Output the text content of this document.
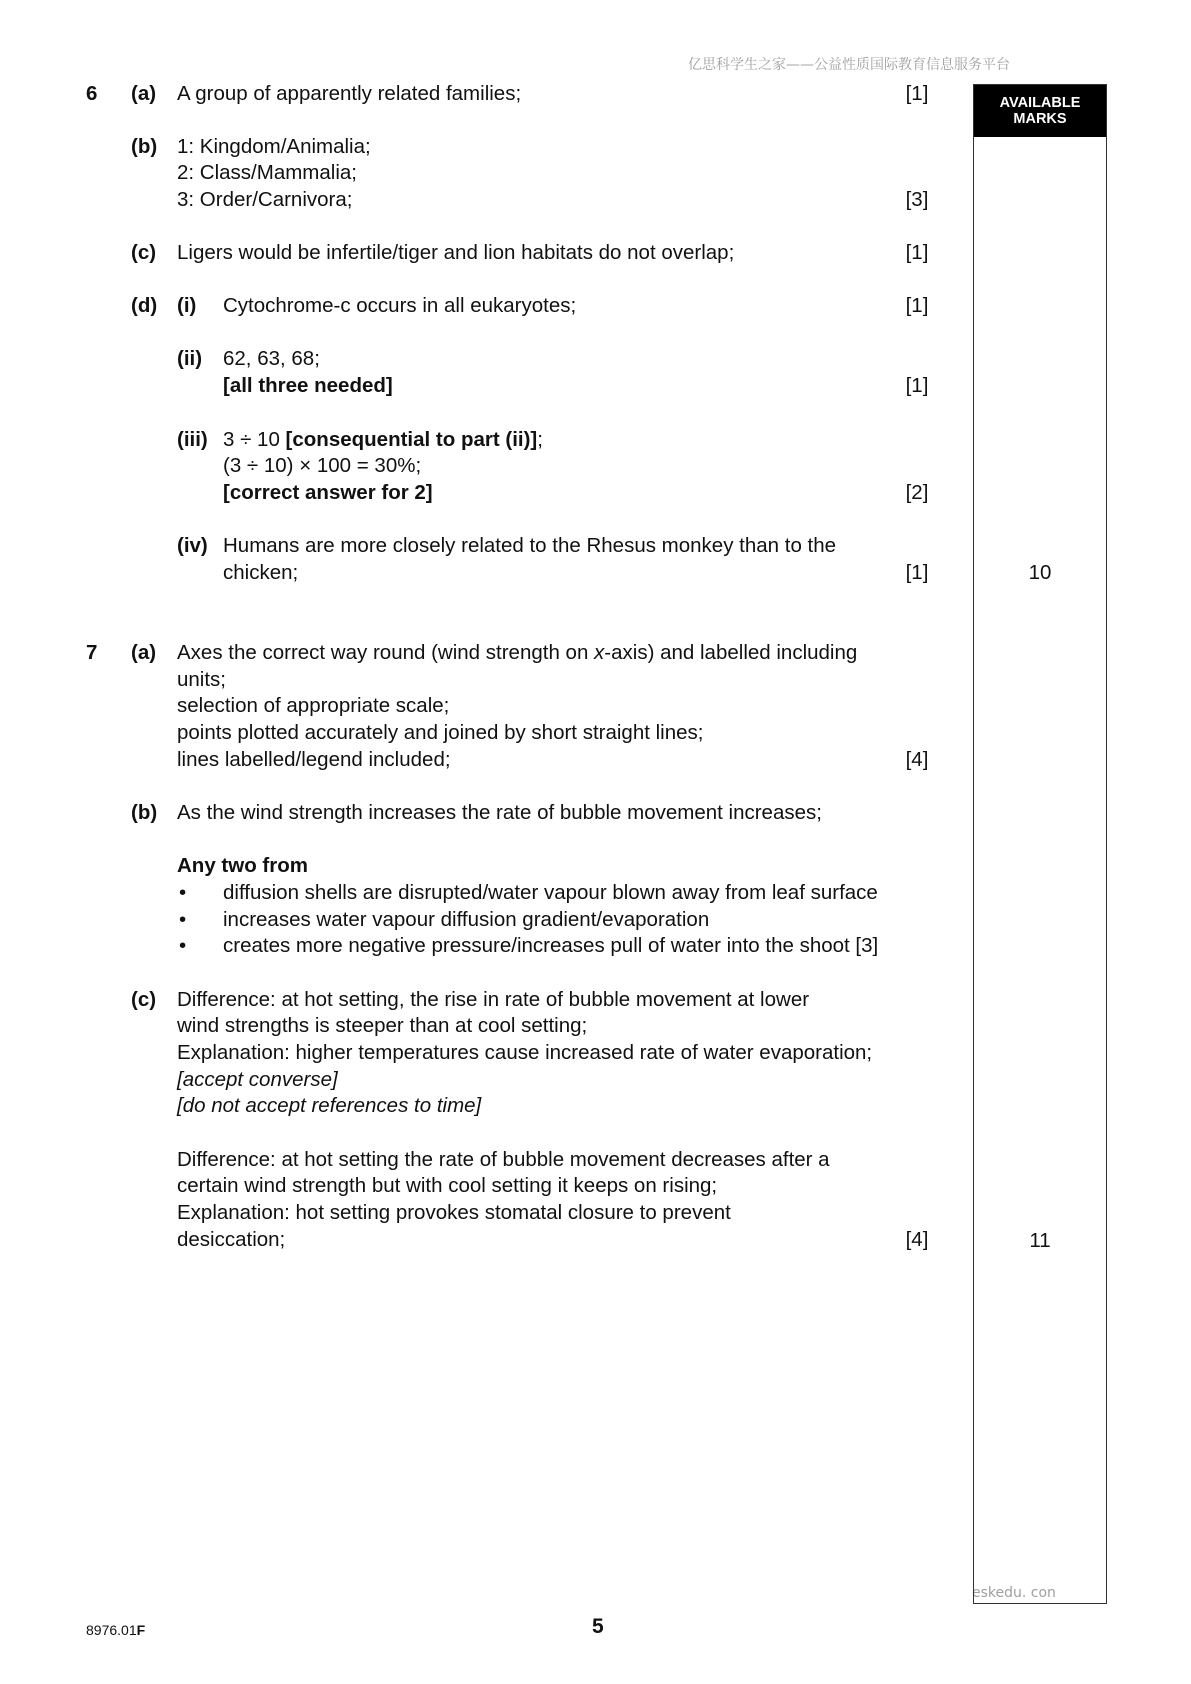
亿思科学生之家——公益性质国际教育信息服务平台
eskedu. con
AVAILABLE
MARKS
10
11
6 (a) A group of apparently related families;	[1]
(b) 1: Kingdom/Animalia;
2: Class/Mammalia;
3: Order/Carnivora;	[3]
(c) Ligers would be infertile/tiger and lion habitats do not overlap;	[1]
(d) (i) Cytochrome-c occurs in all eukaryotes;	[1]
(ii) 62, 63, 68;
[all three needed]	[1]
(iii) 3 ÷ 10 [consequential to part (ii)];
(3 ÷ 10) × 100 = 30%;
[correct answer for 2]	[2]
(iv) Humans are more closely related to the Rhesus monkey than to the
chicken;	[1]
7 (a) Axes the correct way round (wind strength on x-axis) and labelled including
units;
selection of appropriate scale;
points plotted accurately and joined by short straight lines;
lines labelled/legend included;	[4]
(b) As the wind strength increases the rate of bubble movement increases;
Any two from
• diffusion shells are disrupted/water vapour blown away from leaf surface
• increases water vapour diffusion gradient/evaporation
• creates more negative pressure/increases pull of water into the shoot [3]
(c) Difference: at hot setting, the rise in rate of bubble movement at lower
wind strengths is steeper than at cool setting;
Explanation: higher temperatures cause increased rate of water evaporation;
[accept converse]
[do not accept references to time]
Difference: at hot setting the rate of bubble movement decreases after a
certain wind strength but with cool setting it keeps on rising;
Explanation: hot setting provokes stomatal closure to prevent
desiccation;	[4]
8976.01F	5
